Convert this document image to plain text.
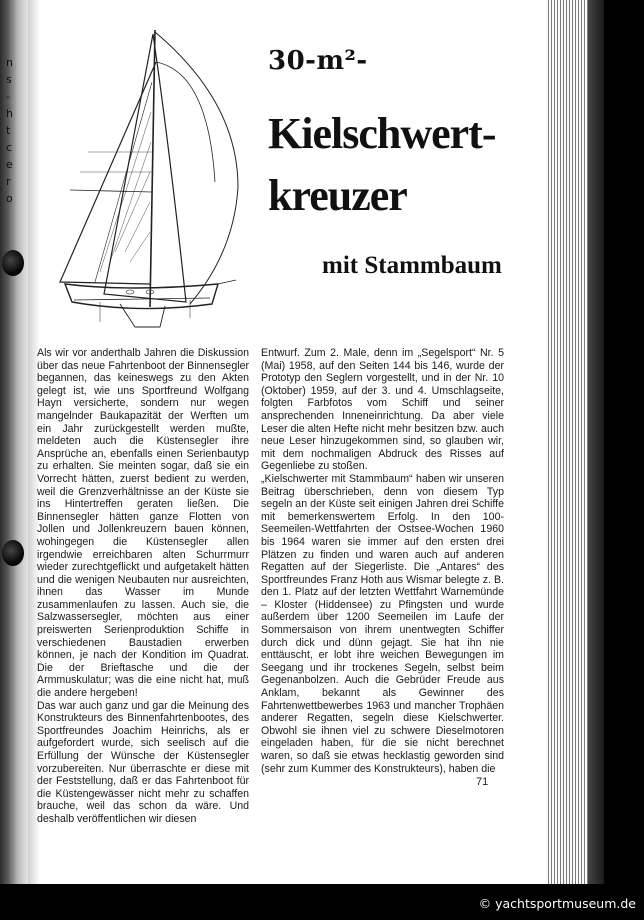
n
s
-
h
t
c
e
r
o
30-m²-
Kielschwert-
kreuzer
mit Stammbaum

Als wir vor anderthalb Jahren die Diskussion über das neue Fahrtenboot der Binnensegler begannen, das keineswegs zu den Akten gelegt ist, wie uns Sportfreund Wolfgang Hayn versicherte, sondern nur wegen mangelnder Baukapazität der Werften um ein Jahr zurückgestellt werden mußte, meldeten auch die Küstensegler ihre Ansprüche an, ebenfalls einen Serienbautyp zu erhalten. Sie meinten sogar, daß sie ein Vorrecht hätten, zuerst bedient zu werden, weil die Grenzverhältnisse an der Küste sie ins Hintertreffen geraten ließen. Die Binnensegler hätten ganze Flotten von Jollen und Jollenkreuzern bauen können, wohingegen die Küstensegler allen irgendwie erreichbaren alten Schurrmurr wieder zurechtgeflickt und aufgetakelt hätten und die wenigen Neubauten nur ausreichten, ihnen das Wasser im Munde zusammenlaufen zu lassen. Auch sie, die Salzwassersegler, möchten aus einer preiswerten Serienproduktion Schiffe in verschiedenen Baustadien erwerben können, je nach der Kondition im Quadrat. Die der Brieftasche und die der Armmuskulatur; was die eine nicht hat, muß die andere hergeben!

Das war auch ganz und gar die Meinung des Konstrukteurs des Binnenfahrtenbootes, des Sportfreundes Joachim Heinrichs, als er aufgefordert wurde, sich seelisch auf die Erfüllung der Wünsche der Küstensegler vorzubereiten. Nur überraschte er diese mit der Feststellung, daß er das Fahrtenboot für die Küstengewässer nicht mehr zu schaffen brauche, weil das schon da wäre. Und deshalb veröffentlichen wir diesen

Entwurf. Zum 2. Male, denn im „Segelsport“ Nr. 5 (Mai) 1958, auf den Seiten 144 bis 146, wurde der Prototyp den Seglern vorgestellt, und in der Nr. 10 (Oktober) 1959, auf der 3. und 4. Umschlagseite, folgten Farbfotos vom Schiff und seiner ansprechenden Inneneinrichtung. Da aber viele Leser die alten Hefte nicht mehr besitzen bzw. auch neue Leser hinzugekommen sind, so glauben wir, mit dem nochmaligen Abdruck des Risses auf Gegenliebe zu stoßen.

„Kielschwerter mit Stammbaum“ haben wir unseren Beitrag überschrieben, denn von diesem Typ segeln an der Küste seit einigen Jahren drei Schiffe mit bemerkenswertem Erfolg. In den 100-Seemeilen-Wettfahrten der Ostsee-Wochen 1960 bis 1964 waren sie immer auf den ersten drei Plätzen zu finden und waren auch auf anderen Regatten auf der Siegerliste. Die „Antares“ des Sportfreundes Franz Hoth aus Wismar belegte z. B. den 1. Platz auf der letzten Wettfahrt Warnemünde – Kloster (Hiddensee) zu Pfingsten und wurde außerdem über 1200 Seemeilen im Laufe der Sommersaison von ihrem unentwegten Schiffer durch dick und dünn gejagt. Sie hat ihn nie enttäuscht, er lobt ihre weichen Bewegungen im Seegang und ihr trockenes Segeln, selbst beim Gegenanbolzen. Auch die Gebrüder Freude aus Anklam, bekannt als Gewinner des Fahrtenwettbewerbes 1963 und mancher Trophäen anderer Regatten, segeln diese Kielschwerter. Obwohl sie ihnen viel zu schwere Dieselmotoren eingeladen haben, für die sie nicht berechnet waren, so daß sie etwas hecklastig geworden sind (sehr zum Kummer des Konstrukteurs), haben die

71
© yachtsportmuseum.de
